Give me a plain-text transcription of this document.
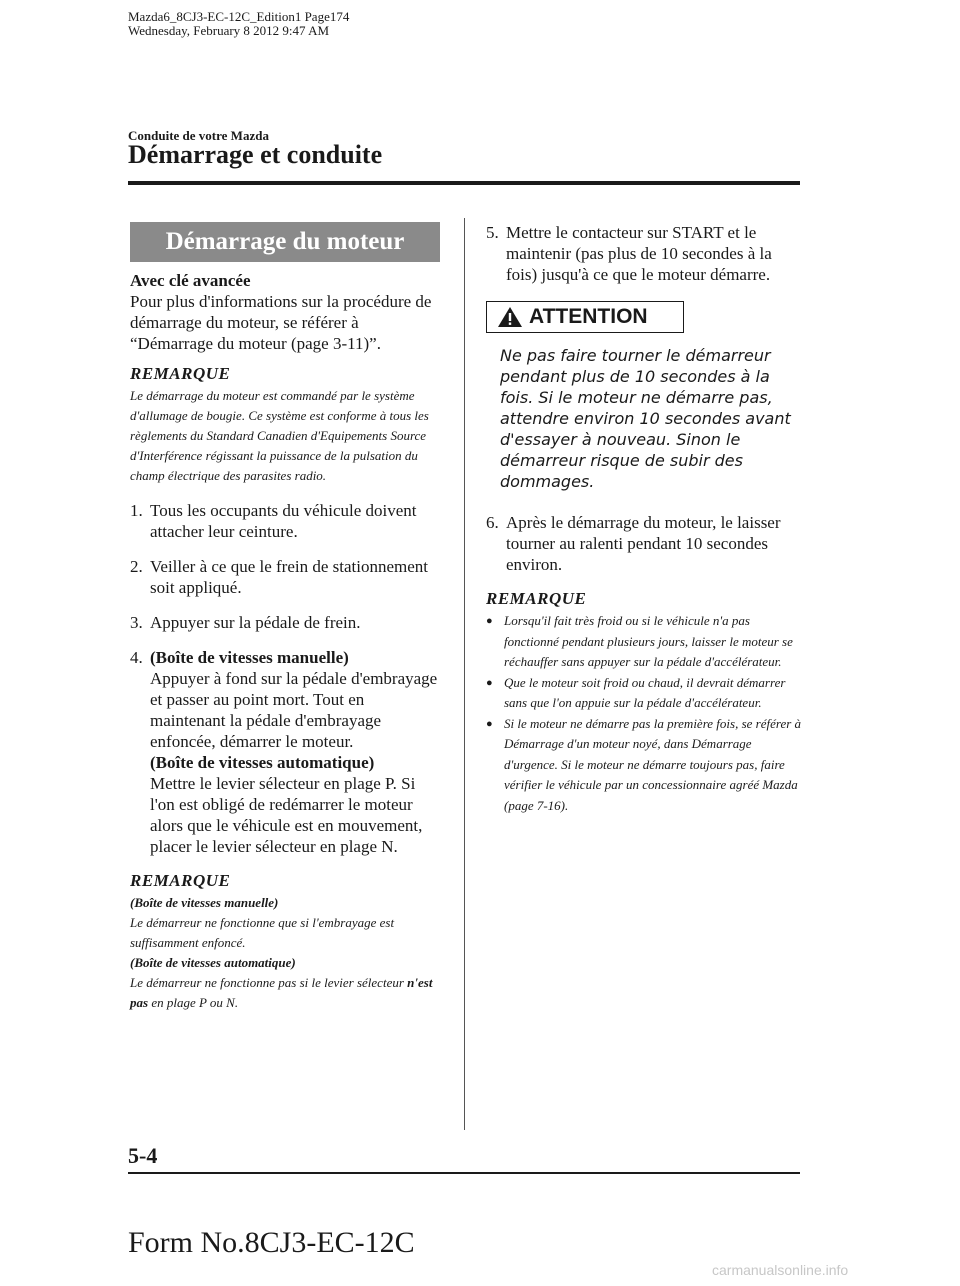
Mazda6_8CJ3-EC-12C_Edition1 Page174
Wednesday, February 8 2012 9:47 AM
Conduite de votre Mazda
Démarrage et conduite
Démarrage du moteur

Avec clé avancée

Pour plus d'informations sur la procédure de démarrage du moteur, se référer à “Démarrage du moteur (page 3-11)”.

REMARQUE

Le démarrage du moteur est commandé par le système d'allumage de bougie. Ce système est conforme à tous les règlements du Standard Canadien d'Equipements Source d'Interférence régissant la puissance de la pulsation du champ électrique des parasites radio.

1. Tous les occupants du véhicule doivent attacher leur ceinture.
2. Veiller à ce que le frein de stationnement soit appliqué.
3. Appuyer sur la pédale de frein.
4. (Boîte de vitesses manuelle)
Appuyer à fond sur la pédale d'embrayage et passer au point mort. Tout en maintenant la pédale d'embrayage enfoncée, démarrer le moteur.
(Boîte de vitesses automatique)
Mettre le levier sélecteur en plage P. Si l'on est obligé de redémarrer le moteur alors que le véhicule est en mouvement, placer le levier sélecteur en plage N.
REMARQUE

(Boîte de vitesses manuelle)

Le démarreur ne fonctionne que si l'embrayage est suffisamment enfoncé.

(Boîte de vitesses automatique)

Le démarreur ne fonctionne pas si le levier sélecteur n'est pas en plage P ou N.

5. Mettre le contacteur sur START et le maintenir (pas plus de 10 secondes à la fois) jusqu'à ce que le moteur démarre.
ATTENTION

Ne pas faire tourner le démarreur pendant plus de 10 secondes à la fois. Si le moteur ne démarre pas, attendre environ 10 secondes avant d'essayer à nouveau. Sinon le démarreur risque de subir des dommages.

6. Après le démarrage du moteur, le laisser tourner au ralenti pendant 10 secondes environ.
REMARQUE
● Lorsqu'il fait très froid ou si le véhicule n'a pas fonctionné pendant plusieurs jours, laisser le moteur se réchauffer sans appuyer sur la pédale d'accélérateur.
● Que le moteur soit froid ou chaud, il devrait démarrer sans que l'on appuie sur la pédale d'accélérateur.
● Si le moteur ne démarre pas la première fois, se référer à Démarrage d'un moteur noyé, dans Démarrage d'urgence. Si le moteur ne démarre toujours pas, faire vérifier le véhicule par un concessionnaire agréé Mazda (page 7-16).
5-4
Form No.8CJ3-EC-12C
carmanualsonline.info
